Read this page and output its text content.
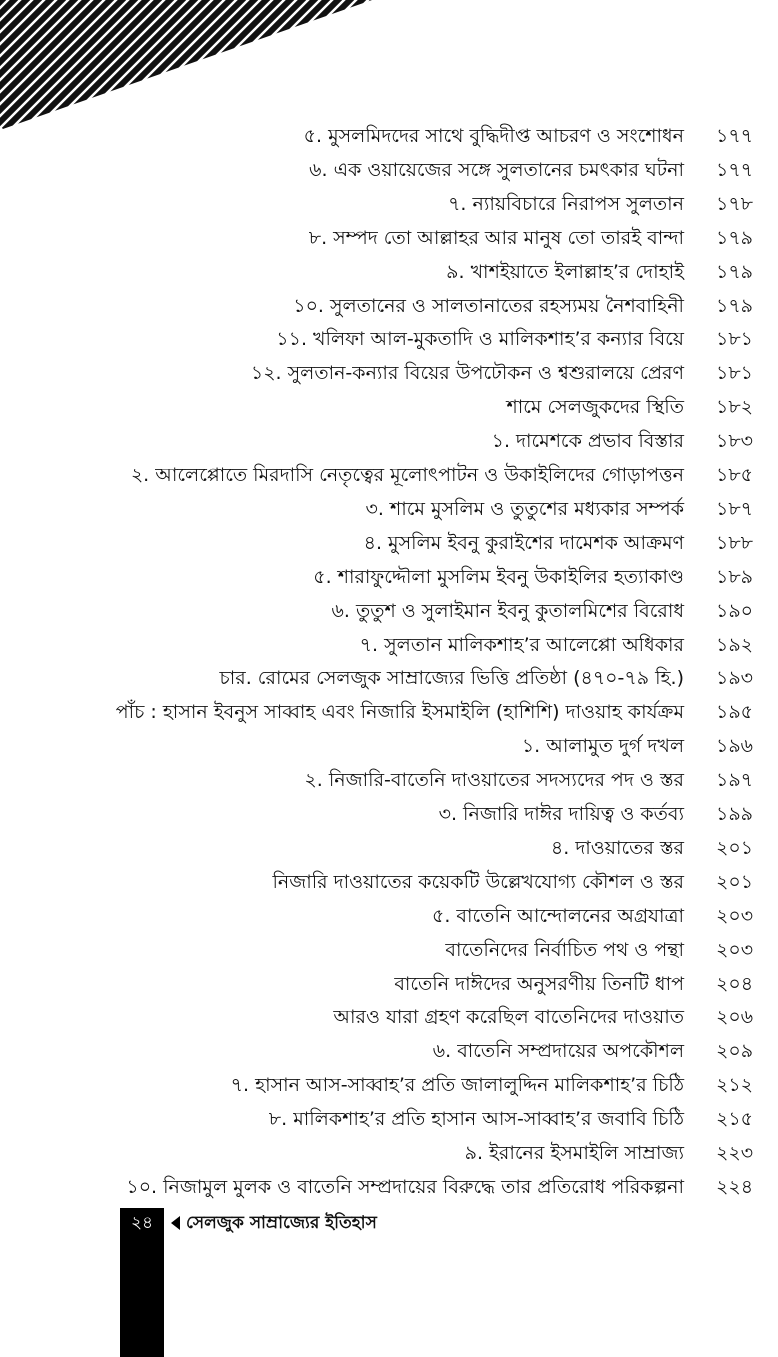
৫. মুসলমিদদের সাথে বুদ্ধিদীপ্ত আচরণ ও সংশোধন ১৭৭
৬. এক ওয়ায়েজের সঙ্গে সুলতানের চমৎকার ঘটনা ১৭৭
৭. ন্যায়বিচারে নিরাপস সুলতান ১৭৮
৮. সম্পদ তো আল্লাহর আর মানুষ তো তারই বান্দা ১৭৯
৯. খাশইয়াতে ইলাল্লাহ’র দোহাই ১৭৯
১০. সুলতানের ও সালতানাতের রহস্যময় নৈশবাহিনী ১৭৯
১১. খলিফা আল-মুকতাদি ও মালিকশাহ’র কন্যার বিয়ে ১৮১
১২. সুলতান-কন্যার বিয়ের উপঢৌকন ও শ্বশুরালয়ে প্রেরণ ১৮১
শামে সেলজুকদের স্থিতি ১৮২
১. দামেশকে প্রভাব বিস্তার ১৮৩
২. আলেপ্পোতে মিরদাসি নেতৃত্বের মূলোৎপাটন ও উকাইলিদের গোড়াপত্তন ১৮৫
৩. শামে মুসলিম ও তুতুশের মধ্যকার সম্পর্ক ১৮৭
৪. মুসলিম ইবনু কুরাইশের দামেশক আক্রমণ ১৮৮
৫. শারাফুদ্দৌলা মুসলিম ইবনু উকাইলির হত্যাকাণ্ড ১৮৯
৬. তুতুশ ও সুলাইমান ইবনু কুতালমিশের বিরোধ ১৯০
৭. সুলতান মালিকশাহ’র আলেপ্পো অধিকার ১৯২
চার. রোমের সেলজুক সাম্রাজ্যের ভিত্তি প্রতিষ্ঠা (৪৭০-৭৯ হি.) ১৯৩
পাঁচ : হাসান ইবনুস সাব্বাহ এবং নিজারি ইসমাইলি (হাশিশি) দাওয়াহ কার্যক্রম ১৯৫
১. আলামুত দুর্গ দখল ১৯৬
২. নিজারি-বাতেনি দাওয়াতের সদস্যদের পদ ও স্তর ১৯৭
৩. নিজারি দাঈর দায়িত্ব ও কর্তব্য ১৯৯
৪. দাওয়াতের স্তর ২০১
নিজারি দাওয়াতের কয়েকটি উল্লেখযোগ্য কৌশল ও স্তর ২০১
৫. বাতেনি আন্দোলনের অগ্রযাত্রা ২০৩
বাতেনিদের নির্বাচিত পথ ও পন্থা ২০৩
বাতেনি দাঈদের অনুসরণীয় তিনটি ধাপ ২০৪
আরও যারা গ্রহণ করেছিল বাতেনিদের দাওয়াত ২০৬
৬. বাতেনি সম্প্রদায়ের অপকৌশল ২০৯
৭. হাসান আস-সাব্বাহ’র প্রতি জালালুদ্দিন মালিকশাহ’র চিঠি ২১২
৮. মালিকশাহ’র প্রতি হাসান আস-সাব্বাহ’র জবাবি চিঠি ২১৫
৯. ইরানের ইসমাইলি সাম্রাজ্য ২২৩
১০. নিজামুল মুলক ও বাতেনি সম্প্রদায়ের বিরুদ্ধে তার প্রতিরোধ পরিকল্পনা ২২৪
২৪	সেলজুক সাম্রাজ্যের ইতিহাস
